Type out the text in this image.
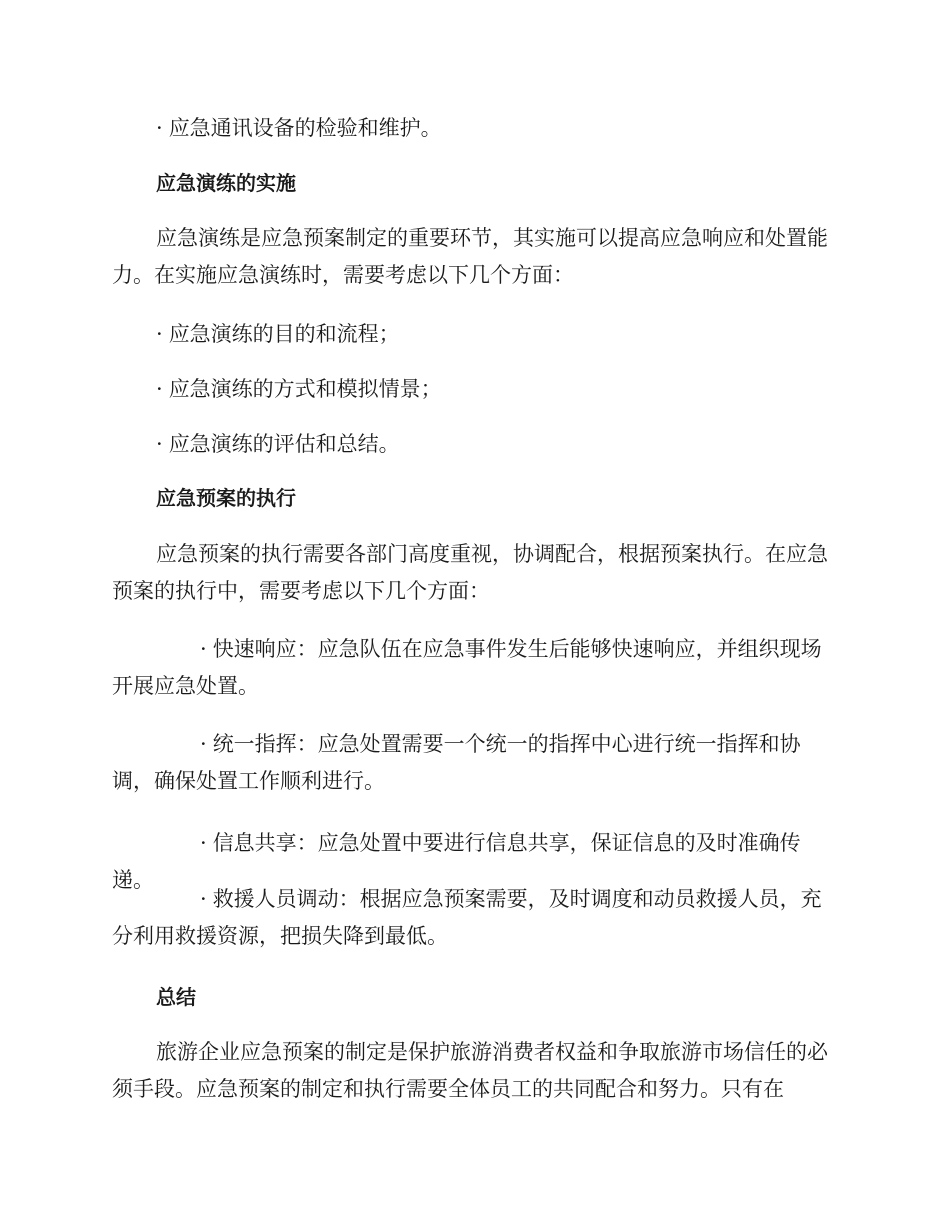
· 应急通讯设备的检验和维护。

应急演练的实施

应急演练是应急预案制定的重要环节，其实施可以提高应急响应和处置能力。在实施应急演练时，需要考虑以下几个方面：

· 应急演练的目的和流程；

· 应急演练的方式和模拟情景；

· 应急演练的评估和总结。

应急预案的执行

应急预案的执行需要各部门高度重视，协调配合，根据预案执行。在应急预案的执行中，需要考虑以下几个方面：

· 快速响应：应急队伍在应急事件发生后能够快速响应，并组织现场开展应急处置。

· 统一指挥：应急处置需要一个统一的指挥中心进行统一指挥和协调，确保处置工作顺利进行。

· 信息共享：应急处置中要进行信息共享，保证信息的及时准确传递。

· 救援人员调动：根据应急预案需要，及时调度和动员救援人员，充分利用救援资源，把损失降到最低。

总结

旅游企业应急预案的制定是保护旅游消费者权益和争取旅游市场信任的必须手段。应急预案的制定和执行需要全体员工的共同配合和努力。只有在
